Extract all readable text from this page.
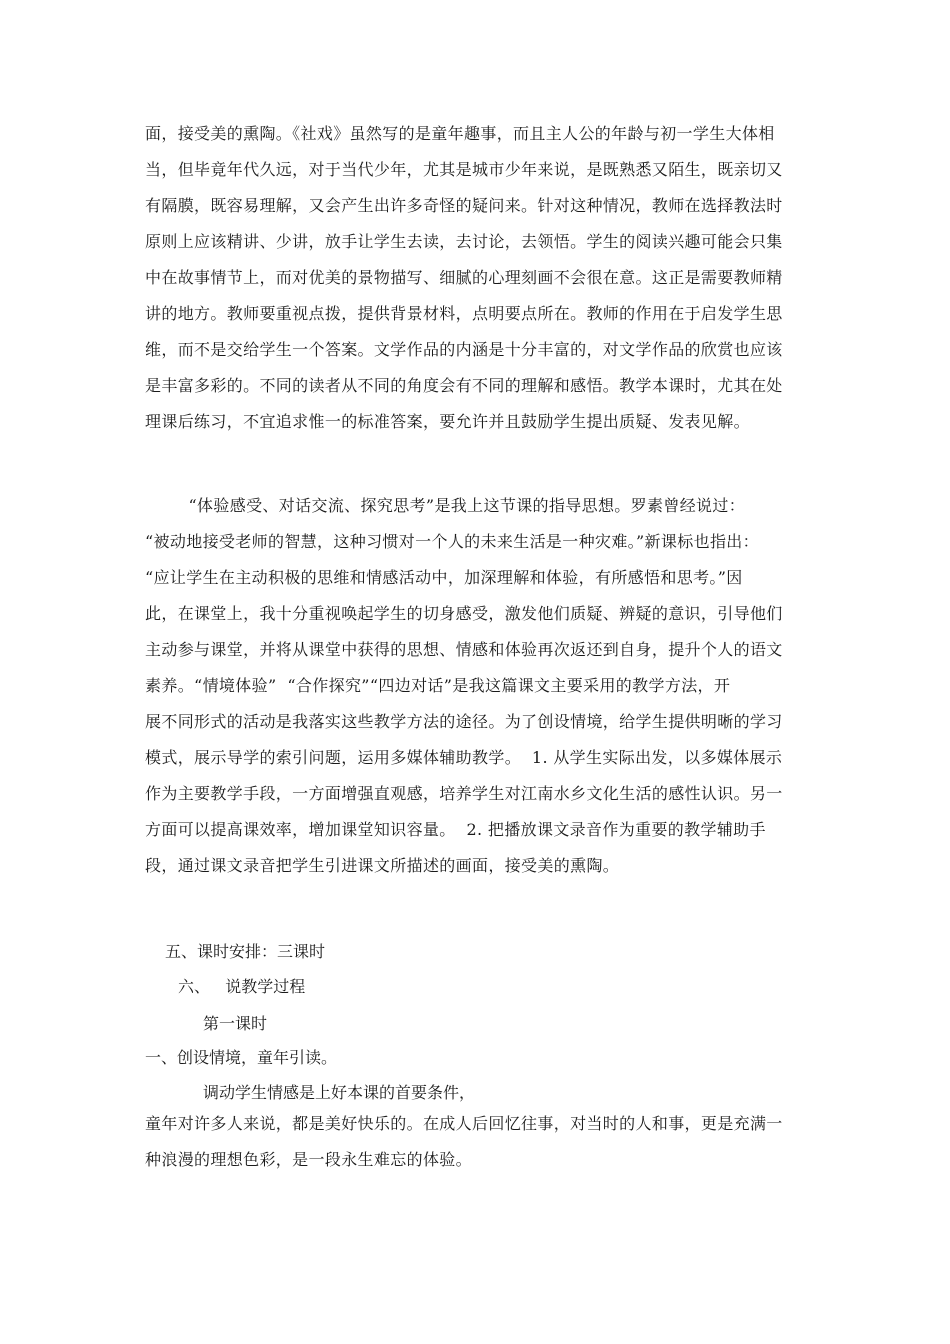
面，接受美的熏陶。《社戏》虽然写的是童年趣事，而且主人公的年龄与初一学生大体相
当，但毕竟年代久远，对于当代少年，尤其是城市少年来说，是既熟悉又陌生，既亲切又
有隔膜，既容易理解，又会产生出许多奇怪的疑问来。针对这种情况，教师在选择教法时
原则上应该精讲、少讲，放手让学生去读，去讨论，去领悟。学生的阅读兴趣可能会只集
中在故事情节上，而对优美的景物描写、细腻的心理刻画不会很在意。这正是需要教师精
讲的地方。教师要重视点拨，提供背景材料，点明要点所在。教师的作用在于启发学生思
维，而不是交给学生一个答案。文学作品的内涵是十分丰富的，对文学作品的欣赏也应该
是丰富多彩的。不同的读者从不同的角度会有不同的理解和感悟。教学本课时，尤其在处
理课后练习，不宜追求惟一的标准答案，要允许并且鼓励学生提出质疑、发表见解。
“体验感受、对话交流、探究思考”是我上这节课的指导思想。罗素曾经说过：
“被动地接受老师的智慧，这种习惯对一个人的未来生活是一种灾难。”新课标也指出：
“应让学生在主动积极的思维和情感活动中，加深理解和体验，有所感悟和思考。”因
此，在课堂上，我十分重视唤起学生的切身感受，激发他们质疑、辨疑的意识，引导他们
主动参与课堂，并将从课堂中获得的思想、情感和体验再次返还到自身，提升个人的语文
素养。“情境体验”  “合作探究”“四边对话”是我这篇课文主要采用的教学方法，开
展不同形式的活动是我落实这些教学方法的途径。为了创设情境，给学生提供明晰的学习
模式，展示导学的索引问题，运用多媒体辅助教学。  1. 从学生实际出发，以多媒体展示
作为主要教学手段，一方面增强直观感，培养学生对江南水乡文化生活的感性认识。另一
方面可以提高课效率，增加课堂知识容量。  2. 把播放课文录音作为重要的教学辅助手
段，通过课文录音把学生引进课文所描述的画面，接受美的熏陶。
五、课时安排：三课时
六、   说教学过程
第一课时
一、创设情境，童年引读。
调动学生情感是上好本课的首要条件，
童年对许多人来说，都是美好快乐的。在成人后回忆往事，对当时的人和事，更是充满一
种浪漫的理想色彩，是一段永生难忘的体验。
